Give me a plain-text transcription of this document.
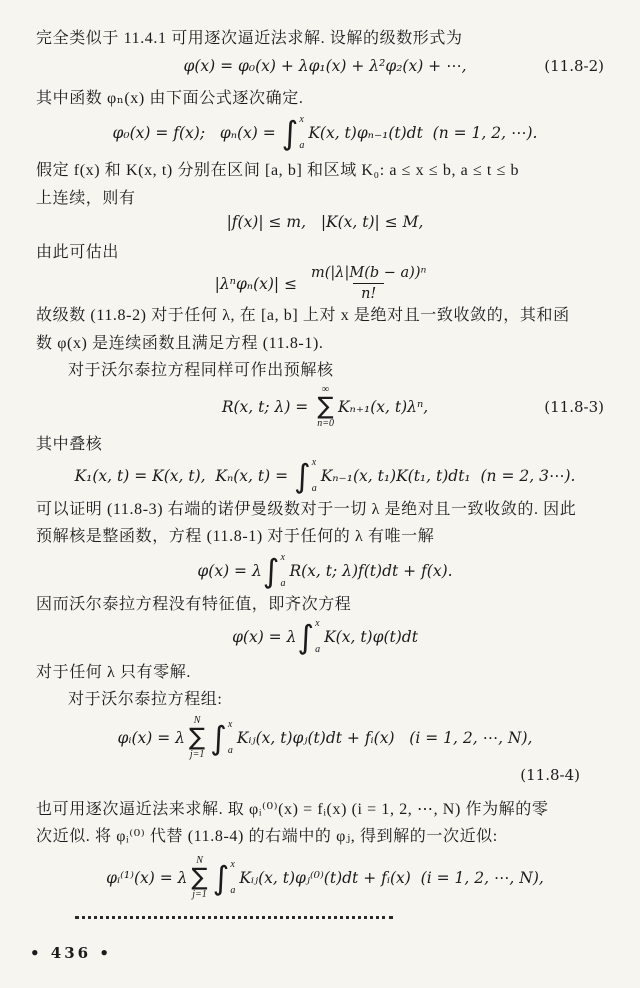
完全类似于 11.4.1 可用逐次逼近法求解. 设解的级数形式为
φ(x) = φ₀(x) + λφ₁(x) + λ²φ₂(x) + ⋯,	(11.8-2)
其中函数 φₙ(x) 由下面公式逐次确定.
φ₀(x) = f(x);   φₙ(x) = ∫ x
a
K(x, t)φₙ₋₁(t)dt  (n = 1, 2, ⋯).
假定 f(x) 和 K(x, t) 分别在区间 [a, b] 和区域 K₀: a ≤ x ≤ b, a ≤ t ≤ b
上连续，则有
|f(x)| ≤ m,   |K(x, t)| ≤ M,
由此可估出
$|\lambda^n\varphi_n(x)| \le \frac{\text{m(|λ|M(b − a))ⁿ}}{n!}$
故级数 (11.8-2) 对于任何 λ, 在 [a, b] 上对 x 是绝对且一致收敛的，其和函
数 φ(x) 是连续函数且满足方程 (11.8-1).
对于沃尔泰拉方程同样可作出预解核
R(x, t; λ) =
∞
∑
n=0
Kₙ₊₁(x, t)λⁿ,	(11.8-3)
其中叠核
K₁(x, t) = K(x, t),  Kₙ(x, t) = ∫ x
a
Kₙ₋₁(x, t₁)K(t₁, t)dt₁  (n = 2, 3⋯).
可以证明 (11.8-3) 右端的诺伊曼级数对于一切 λ 是绝对且一致收敛的. 因此
预解核是整函数，方程 (11.8-1) 对于任何的 λ 有唯一解
φ(x) = λ ∫ x
a
R(x, t; λ)f(t)dt + f(x).
因而沃尔泰拉方程没有特征值，即齐次方程
φ(x) = λ ∫ x
a
K(x, t)φ(t)dt
对于任何 λ 只有零解.
对于沃尔泰拉方程组:
φᵢ(x) = λ
N
∑
j=1 ∫ x
a
Kᵢⱼ(x, t)φⱼ(t)dt + fᵢ(x)   (i = 1, 2, ⋯, N),
(11.8-4)
也可用逐次逼近法来求解. 取 φᵢ⁽⁰⁾(x) = fᵢ(x) (i = 1, 2, ⋯, N) 作为解的零
次近似. 将 φᵢ⁽⁰⁾ 代替 (11.8-4) 的右端中的 φⱼ, 得到解的一次近似:
φᵢ⁽¹⁾(x) = λ
N
∑
j=1 ∫ x
a
Kᵢⱼ(x, t)φⱼ⁽⁰⁾(t)dt + fᵢ(x)  (i = 1, 2, ⋯, N),
• 436 •
